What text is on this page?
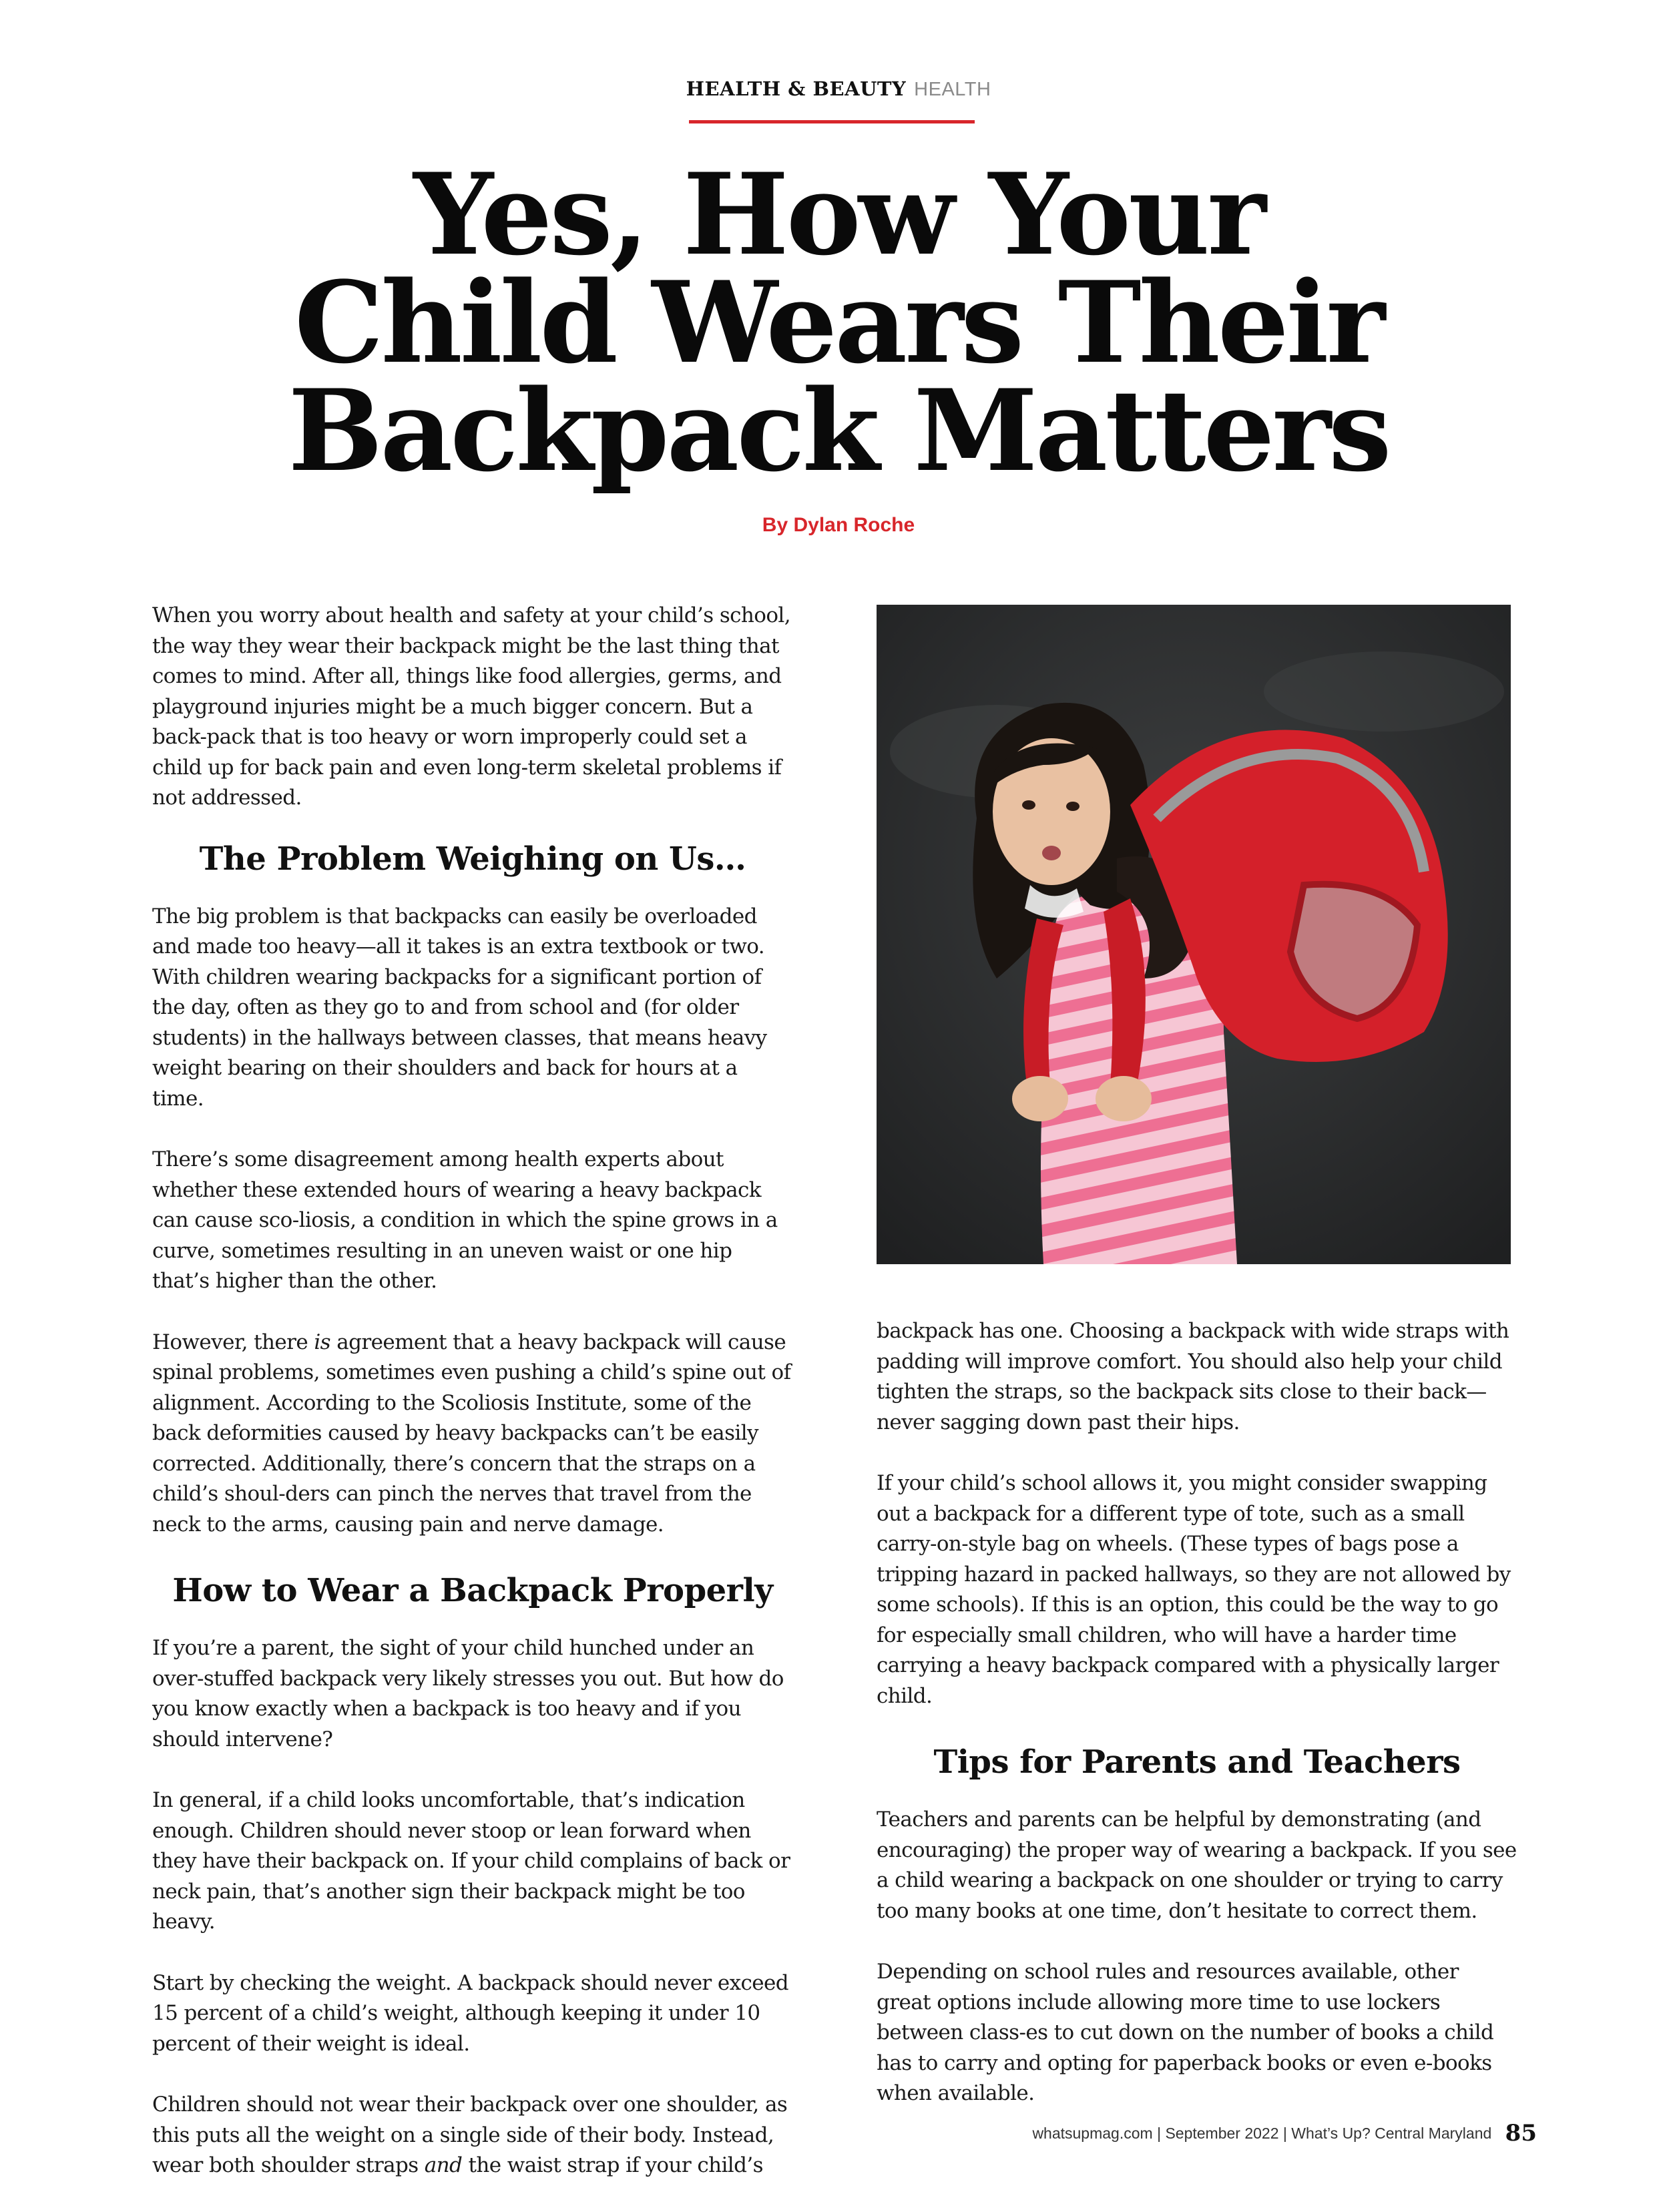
HEALTH & BEAUTY HEALTH
Yes, How Your
Child Wears Their
Backpack Matters
By Dylan Roche

When you worry about health and safety at your child’s school, the way they wear their backpack might be the last thing that comes to mind. After all, things like food allergies, germs, and playground injuries might be a much bigger concern. But a back-pack that is too heavy or worn improperly could set a child up for back pain and even long-term skeletal problems if not addressed.

The Problem Weighing on Us…

The big problem is that backpacks can easily be overloaded and made too heavy—all it takes is an extra textbook or two. With children wearing backpacks for a significant portion of the day, often as they go to and from school and (for older students) in the hallways between classes, that means heavy weight bearing on their shoulders and back for hours at a time.

There’s some disagreement among health experts about whether these extended hours of wearing a heavy backpack can cause sco-liosis, a condition in which the spine grows in a curve, sometimes resulting in an uneven waist or one hip that’s higher than the other.

However, there is agreement that a heavy backpack will cause spinal problems, sometimes even pushing a child’s spine out of alignment. According to the Scoliosis Institute, some of the back deformities caused by heavy backpacks can’t be easily corrected. Additionally, there’s concern that the straps on a child’s shoul-ders can pinch the nerves that travel from the neck to the arms, causing pain and nerve damage.

How to Wear a Backpack Properly

If you’re a parent, the sight of your child hunched under an over-stuffed backpack very likely stresses you out. But how do you know exactly when a backpack is too heavy and if you should intervene?

In general, if a child looks uncomfortable, that’s indication enough. Children should never stoop or lean forward when they have their backpack on. If your child complains of back or neck pain, that’s another sign their backpack might be too heavy.

Start by checking the weight. A backpack should never exceed 15 percent of a child’s weight, although keeping it under 10 percent of their weight is ideal.

Children should not wear their backpack over one shoulder, as this puts all the weight on a single side of their body. Instead, wear both shoulder straps and the waist strap if your child’s

backpack has one. Choosing a backpack with wide straps with padding will improve comfort. You should also help your child tighten the straps, so the backpack sits close to their back—never sagging down past their hips.

If your child’s school allows it, you might consider swapping out a backpack for a different type of tote, such as a small carry-on-style bag on wheels. (These types of bags pose a tripping hazard in packed hallways, so they are not allowed by some schools). If this is an option, this could be the way to go for especially small children, who will have a harder time carrying a heavy backpack compared with a physically larger child.

Tips for Parents and Teachers

Teachers and parents can be helpful by demonstrating (and encouraging) the proper way of wearing a backpack. If you see a child wearing a backpack on one shoulder or trying to carry too many books at one time, don’t hesitate to correct them.

Depending on school rules and resources available, other great options include allowing more time to use lockers between class-es to cut down on the number of books a child has to carry and opting for paperback books or even e-books when available.

whatsupmag.com | September 2022 | What’s Up? Central Maryland 85
